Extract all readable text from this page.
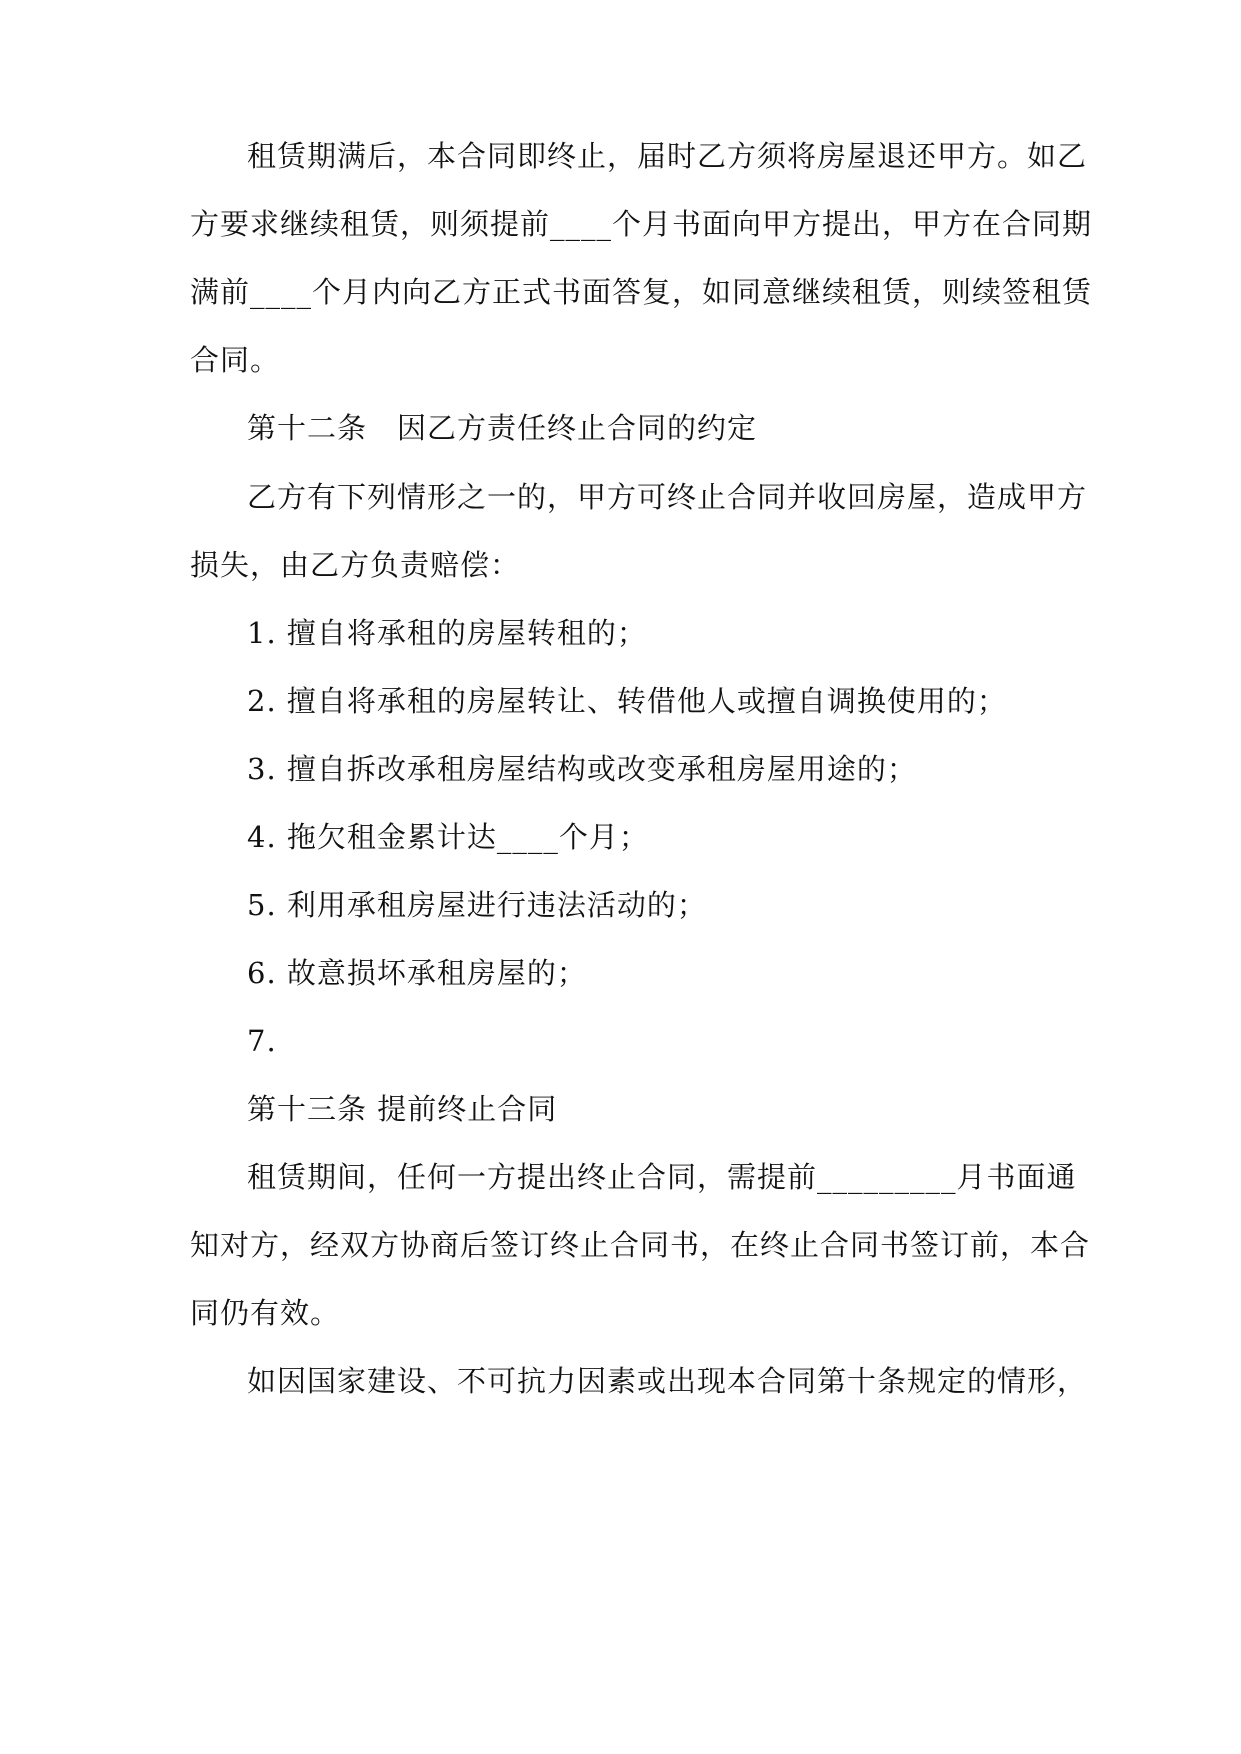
租赁期满后，本合同即终止，届时乙方须将房屋退还甲方。如乙
方要求继续租赁，则须提前____个月书面向甲方提出，甲方在合同期
满前____个月内向乙方正式书面答复，如同意继续租赁，则续签租赁
合同。
第十二条　因乙方责任终止合同的约定
乙方有下列情形之一的，甲方可终止合同并收回房屋，造成甲方
损失，由乙方负责赔偿：
1. 擅自将承租的房屋转租的；
2. 擅自将承租的房屋转让、转借他人或擅自调换使用的；
3. 擅自拆改承租房屋结构或改变承租房屋用途的；
4. 拖欠租金累计达____个月；
5. 利用承租房屋进行违法活动的；
6. 故意损坏承租房屋的；
7.
第十三条 提前终止合同
租赁期间，任何一方提出终止合同，需提前_________月书面通
知对方，经双方协商后签订终止合同书，在终止合同书签订前，本合
同仍有效。
如因国家建设、不可抗力因素或出现本合同第十条规定的情形，
